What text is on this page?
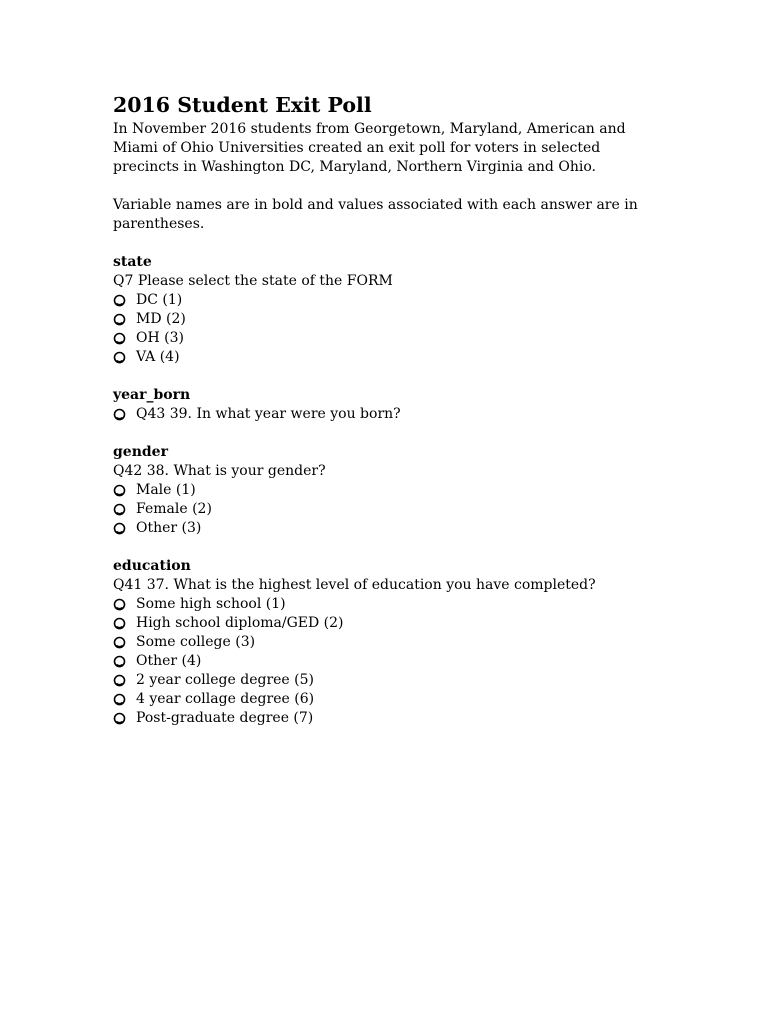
2016 Student Exit Poll

In November 2016 students from Georgetown, Maryland, American and Miami of Ohio Universities created an exit poll for voters in selected precincts in Washington DC, Maryland, Northern Virginia and Ohio.

Variable names are in bold and values associated with each answer are in parentheses.

state
Q7 Please select the state of the FORM
DC (1)
MD (2)
OH (3)
VA (4)
year_born
Q43 39. In what year were you born?
gender
Q42 38. What is your gender?
Male (1)
Female (2)
Other (3)
education
Q41 37. What is the highest level of education you have completed?
Some high school (1)
High school diploma/GED (2)
Some college (3)
Other (4)
2 year college degree (5)
4 year collage degree (6)
Post-graduate degree (7)
